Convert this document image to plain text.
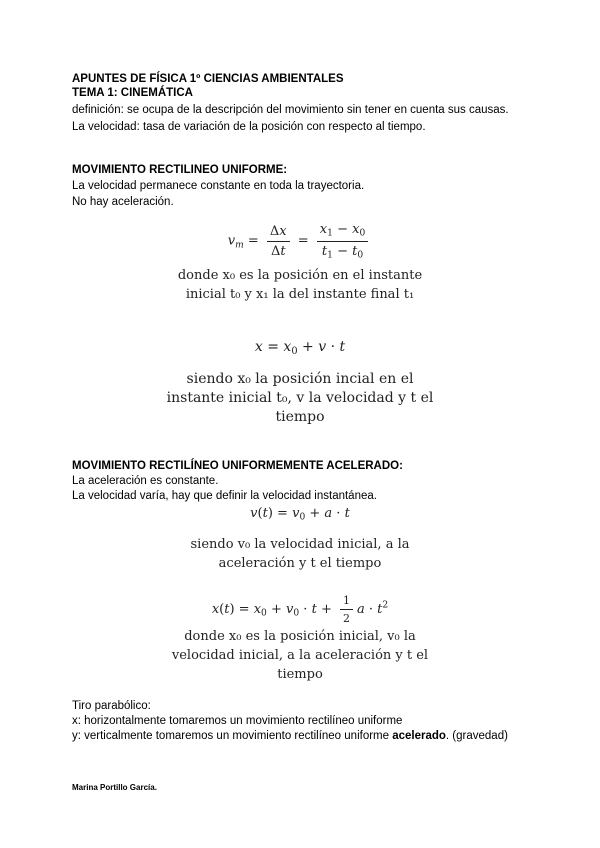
APUNTES DE FÍSICA 1º CIENCIAS AMBIENTALES
TEMA 1: CINEMÁTICA
definición: se ocupa de la descripción del movimiento sin tener en cuenta sus causas.
La velocidad: tasa de variación de la posición con respecto al tiempo.
MOVIMIENTO RECTILINEO UNIFORME:
La velocidad permanece constante en toda la trayectoria.
No hay aceleración.
$v_m = \frac{\Delta x}{\Delta t} = \frac{x_1 - x_0}{t_1 - t_0}$
donde x₀ es la posición en el instante
inicial t₀ y x₁ la del instante final t₁
$x = x_0 + v \cdot t$
siendo x₀ la posición incial en el
instante inicial t₀, v la velocidad y t el
tiempo
MOVIMIENTO RECTILÍNEO UNIFORMEMENTE ACELERADO:
La aceleración es constante.
La velocidad varía, hay que definir la velocidad instantánea.
$v(t) = v_0 + a \cdot t$
siendo v₀ la velocidad inicial, a la
aceleración y t el tiempo
$x(t) = x_0 + v_0 \cdot t + \frac{1}{2}$ $a \cdot t^2$
donde x₀ es la posición inicial, v₀ la
velocidad inicial, a la aceleración y t el
tiempo
Tiro parabólico:
x: horizontalmente tomaremos un movimiento rectilíneo uniforme
y: verticalmente tomaremos un movimiento rectilíneo uniforme acelerado. (gravedad)
Marina Portillo García.
